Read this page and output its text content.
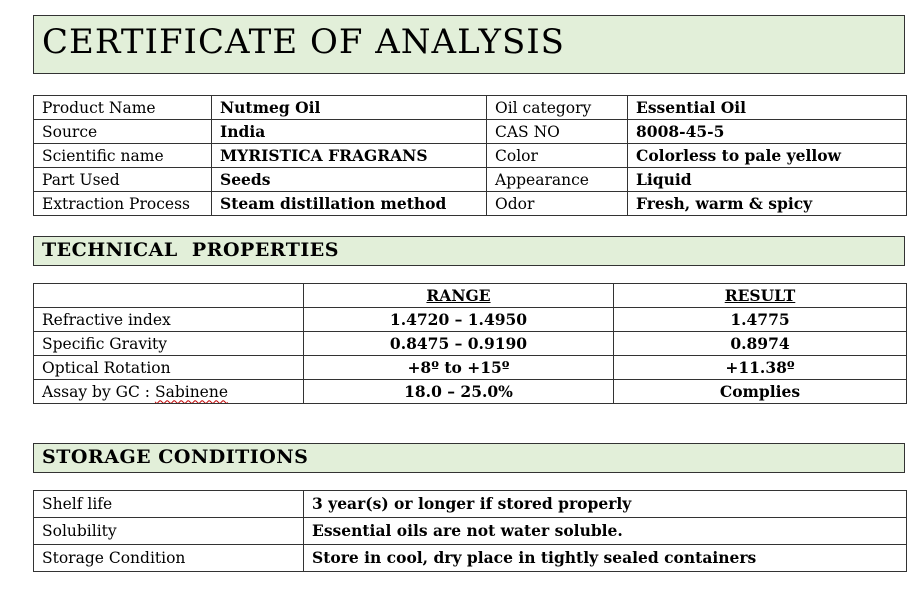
CERTIFICATE OF ANALYSIS
Product Name	Nutmeg Oil	Oil category	Essential Oil
Source	India	CAS NO	8008-45-5
Scientific name	MYRISTICA FRAGRANS	Color	Colorless to pale yellow
Part Used	Seeds	Appearance	Liquid
Extraction Process	Steam distillation method	Odor	Fresh, warm & spicy
TECHNICAL  PROPERTIES
	RANGE	RESULT
Refractive index	1.4720 – 1.4950	1.4775
Specific Gravity	0.8475 – 0.9190	0.8974
Optical Rotation	+8º to +15º	+11.38º
Assay by GC : Sabinene	18.0 – 25.0%	Complies
STORAGE CONDITIONS
Shelf life	3 year(s) or longer if stored properly
Solubility	Essential oils are not water soluble.
Storage Condition	Store in cool, dry place in tightly sealed containers
